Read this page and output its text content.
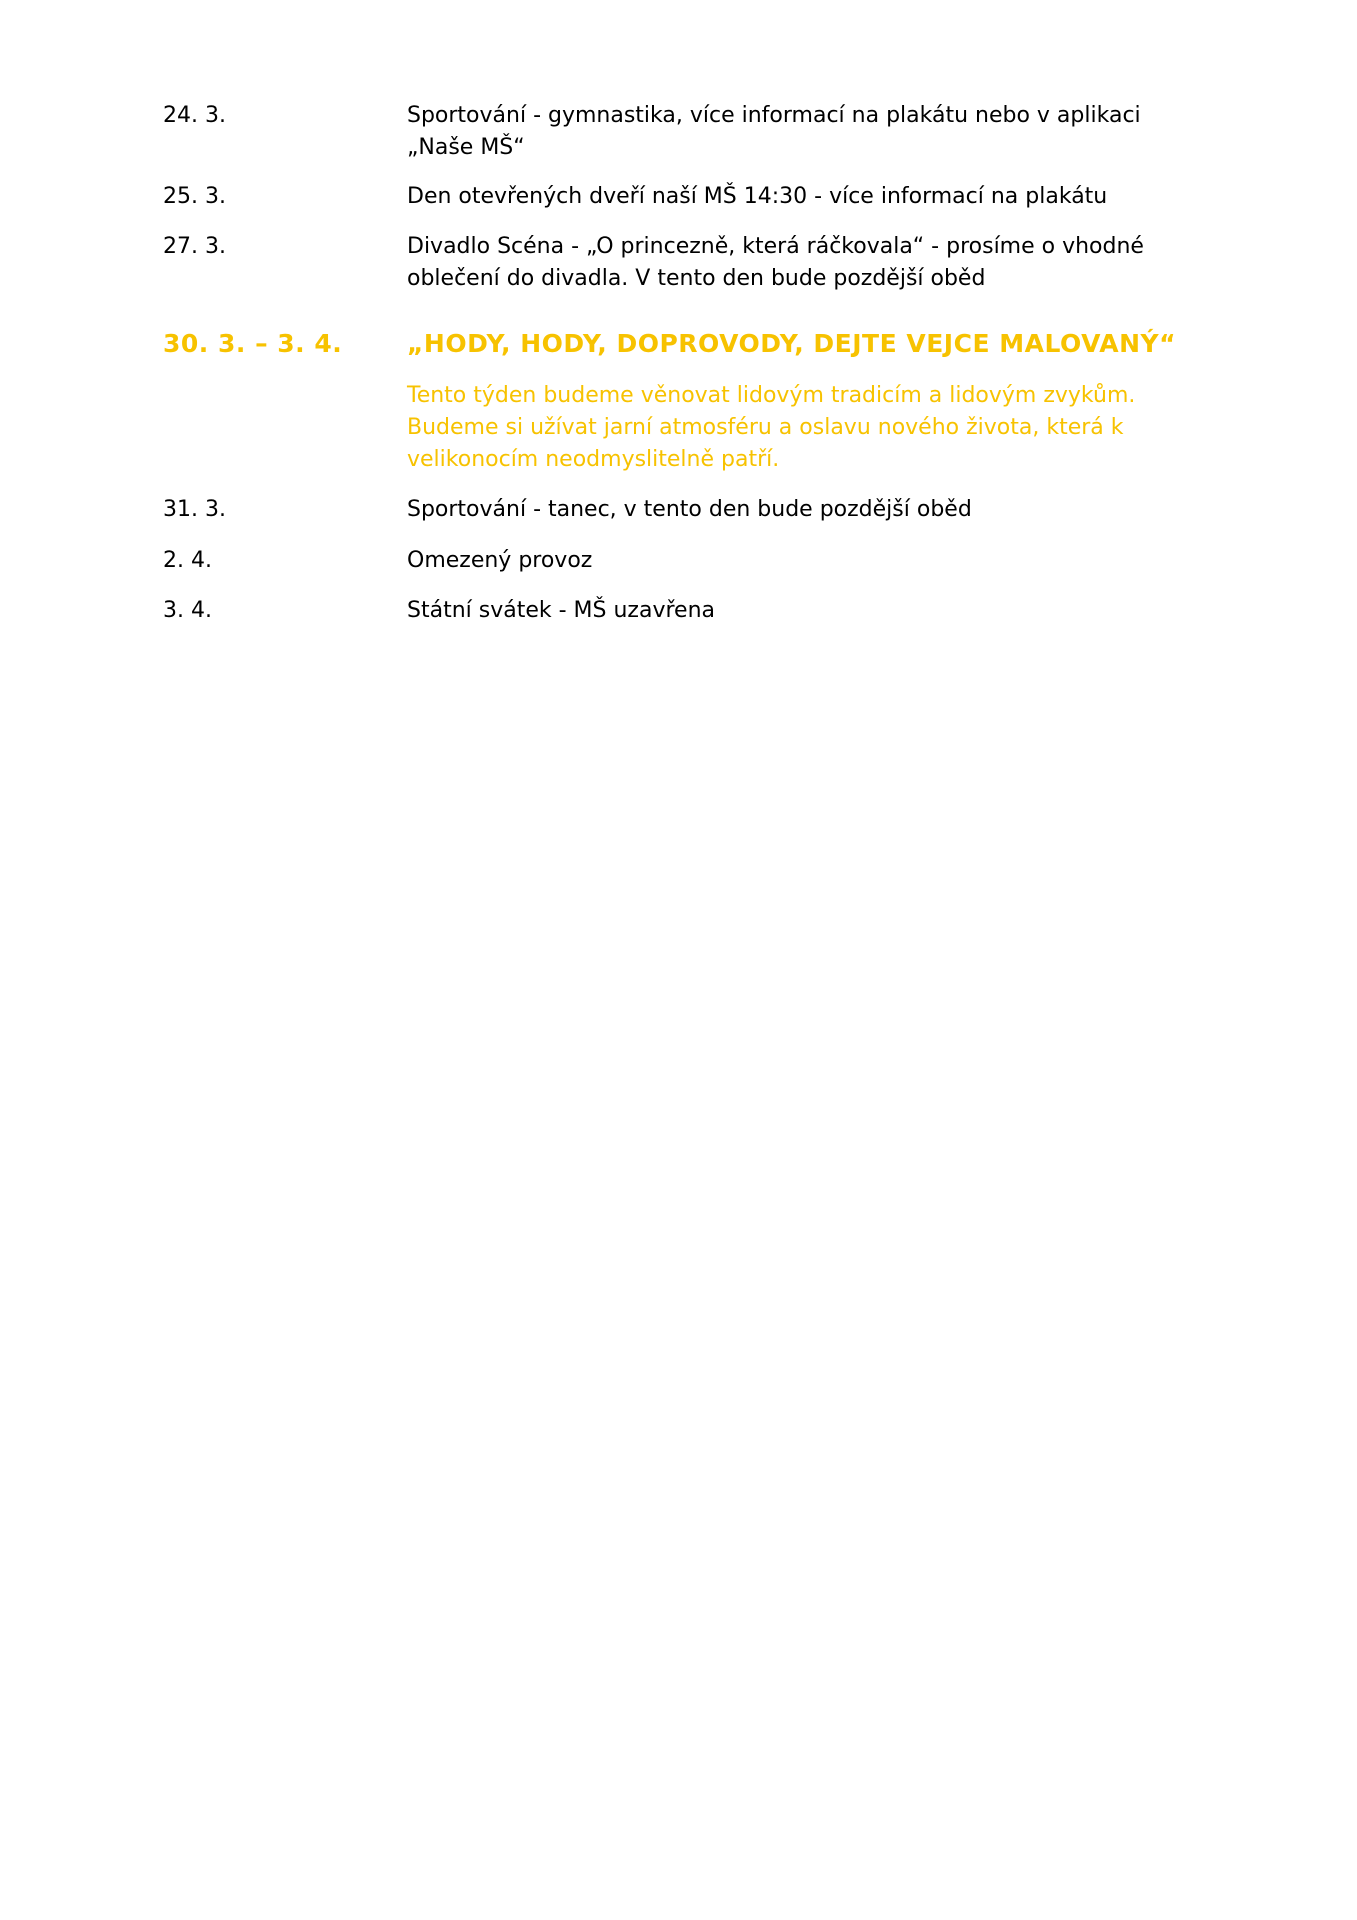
24. 3.	Sportování - gymnastika, více informací na plakátu nebo v aplikaci „Naše MŠ“
25. 3.	Den otevřených dveří naší MŠ 14:30 - více informací na plakátu
27. 3.	Divadlo Scéna - „O princezně, která ráčkovala“ - prosíme o vhodné oblečení do divadla. V tento den bude pozdější oběd
30. 3. – 3. 4.	„HODY, HODY, DOPROVODY, DEJTE VEJCE MALOVANÝ“
Tento týden budeme věnovat lidovým tradicím a lidovým zvykům. Budeme si užívat jarní atmosféru a oslavu nového života, která k velikonocím neodmyslitelně patří.
31. 3.	Sportování - tanec, v tento den bude pozdější oběd
2. 4.	Omezený provoz
3. 4.	Státní svátek - MŠ uzavřena
